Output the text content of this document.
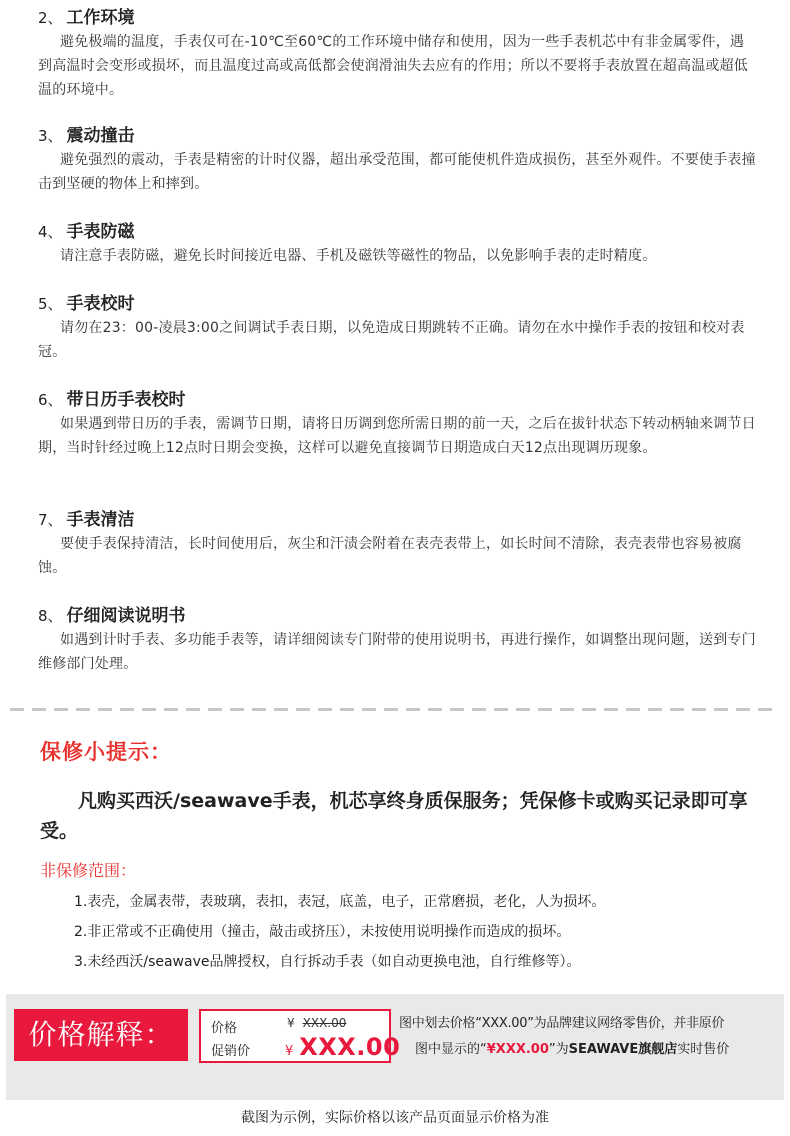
2、 工作环境
避免极端的温度，手表仅可在-10℃至60℃的工作环境中储存和使用，因为一些手表机芯中有非金属零件，遇到高温时会变形或损坏，而且温度过高或高低都会使润滑油失去应有的作用；所以不要将手表放置在超高温或超低温的环境中。
3、 震动撞击
避免强烈的震动，手表是精密的计时仪器，超出承受范围，都可能使机件造成损伤，甚至外观件。不要使手表撞击到坚硬的物体上和摔到。
4、 手表防磁
请注意手表防磁，避免长时间接近电器、手机及磁铁等磁性的物品，以免影响手表的走时精度。
5、 手表校时
请勿在23：00-凌晨3:00之间调试手表日期，以免造成日期跳转不正确。请勿在水中操作手表的按钮和校对表冠。
6、 带日历手表校时
如果遇到带日历的手表，需调节日期，请将日历调到您所需日期的前一天，之后在拔针状态下转动柄轴来调节日期，当时针经过晚上12点时日期会变换，这样可以避免直接调节日期造成白天12点出现调历现象。
7、 手表清洁
要使手表保持清洁，长时间使用后，灰尘和汗渍会附着在表壳表带上，如长时间不清除，表壳表带也容易被腐蚀。
8、 仔细阅读说明书
如遇到计时手表、多功能手表等，请详细阅读专门附带的使用说明书，再进行操作，如调整出现问题，送到专门维修部门处理。
保修小提示：
凡购买西沃/seawave手表，机芯享终身质保服务；凭保修卡或购买记录即可享受。
非保修范围：
1.表壳，金属表带，表玻璃，表扣，表冠，底盖，电子，正常磨损，老化，人为损坏。
2.非正常或不正确使用（撞击，敲击或挤压），未按使用说明操作而造成的损坏。
3.未经西沃/seawave品牌授权，自行拆动手表（如自动更换电池，自行维修等）。
价格解释：	价格
促销价
¥ XXX.00
¥ XXX.00
图中划去价格“XXX.00”为品牌建议网络零售价，并非原价
图中显示的“¥XXX.00”为SEAWAVE旗舰店实时售价
截图为示例，实际价格以该产品页面显示价格为准
